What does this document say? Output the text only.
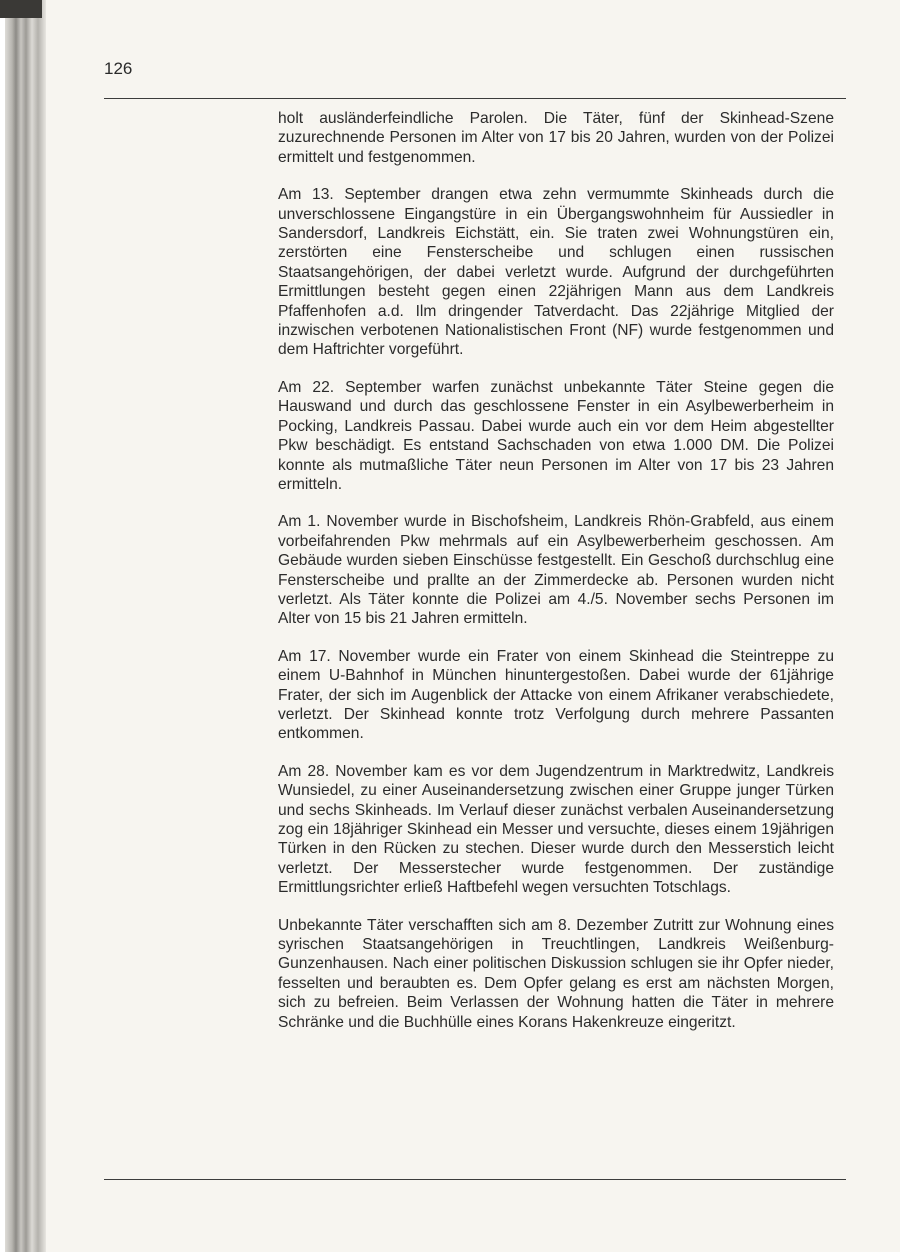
126

holt ausländerfeindliche Parolen. Die Täter, fünf der Skinhead-Szene zuzurechnende Personen im Alter von 17 bis 20 Jahren, wurden von der Polizei ermittelt und festgenommen.

Am 13. September drangen etwa zehn vermummte Skinheads durch die unverschlossene Eingangstüre in ein Übergangswohnheim für Aussiedler in Sandersdorf, Landkreis Eichstätt, ein. Sie traten zwei Wohnungstüren ein, zerstörten eine Fensterscheibe und schlugen einen russischen Staatsangehörigen, der dabei verletzt wurde. Aufgrund der durchgeführten Ermittlungen besteht gegen einen 22jährigen Mann aus dem Landkreis Pfaffenhofen a.d. Ilm dringender Tatverdacht. Das 22jährige Mitglied der inzwischen verbotenen Nationalistischen Front (NF) wurde festgenommen und dem Haftrichter vorgeführt.

Am 22. September warfen zunächst unbekannte Täter Steine gegen die Hauswand und durch das geschlossene Fenster in ein Asylbewerberheim in Pocking, Landkreis Passau. Dabei wurde auch ein vor dem Heim abgestellter Pkw beschädigt. Es entstand Sachschaden von etwa 1.000 DM. Die Polizei konnte als mutmaßliche Täter neun Personen im Alter von 17 bis 23 Jahren ermitteln.

Am 1. November wurde in Bischofsheim, Landkreis Rhön-Grabfeld, aus einem vorbeifahrenden Pkw mehrmals auf ein Asylbewerberheim geschossen. Am Gebäude wurden sieben Einschüsse festgestellt. Ein Geschoß durchschlug eine Fensterscheibe und prallte an der Zimmerdecke ab. Personen wurden nicht verletzt. Als Täter konnte die Polizei am 4./5. November sechs Personen im Alter von 15 bis 21 Jahren ermitteln.

Am 17. November wurde ein Frater von einem Skinhead die Steintreppe zu einem U-Bahnhof in München hinuntergestoßen. Dabei wurde der 61jährige Frater, der sich im Augenblick der Attacke von einem Afrikaner verabschiedete, verletzt. Der Skinhead konnte trotz Verfolgung durch mehrere Passanten entkommen.

Am 28. November kam es vor dem Jugendzentrum in Marktredwitz, Landkreis Wunsiedel, zu einer Auseinandersetzung zwischen einer Gruppe junger Türken und sechs Skinheads. Im Verlauf dieser zunächst verbalen Auseinandersetzung zog ein 18jähriger Skinhead ein Messer und versuchte, dieses einem 19jährigen Türken in den Rücken zu stechen. Dieser wurde durch den Messerstich leicht verletzt. Der Messerstecher wurde festgenommen. Der zuständige Ermittlungsrichter erließ Haftbefehl wegen versuchten Totschlags.

Unbekannte Täter verschafften sich am 8. Dezember Zutritt zur Wohnung eines syrischen Staatsangehörigen in Treuchtlingen, Landkreis Weißenburg-Gunzenhausen. Nach einer politischen Diskussion schlugen sie ihr Opfer nieder, fesselten und beraubten es. Dem Opfer gelang es erst am nächsten Morgen, sich zu befreien. Beim Verlassen der Wohnung hatten die Täter in mehrere Schränke und die Buchhülle eines Korans Hakenkreuze eingeritzt.
